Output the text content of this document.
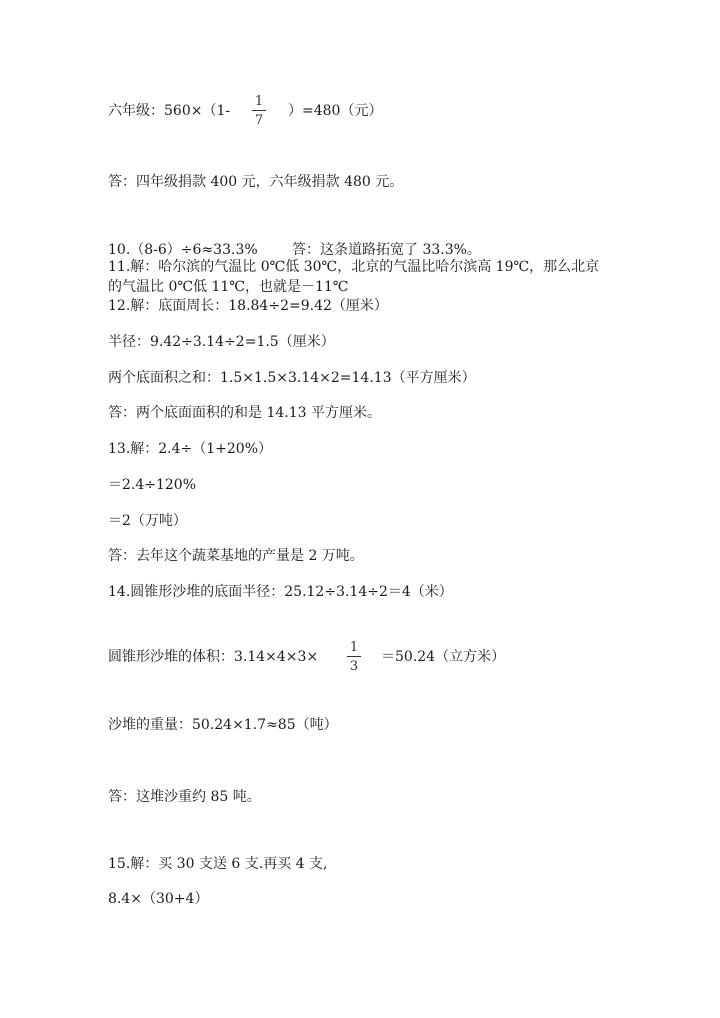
六年级：560×（1-
1
7
）=480（元）
答：四年级捐款 400 元，六年级捐款 480 元。
10.（8-6）÷6≈33.3% 答：这条道路拓宽了 33.3%。
11.解：哈尔滨的气温比 0℃低 30℃，北京的气温比哈尔滨高 19℃，那么北京
的气温比 0℃低 11℃，也就是－11℃
12.解：底面周长：18.84÷2=9.42（厘米）
半径：9.42÷3.14÷2=1.5（厘米）
两个底面积之和：1.5×1.5×3.14×2=14.13（平方厘米）
答：两个底面面积的和是 14.13 平方厘米。
13.解：2.4÷（1+20%）
＝2.4÷120%
＝2（万吨）
答：去年这个蔬菜基地的产量是 2 万吨。
14.圆锥形沙堆的底面半径：25.12÷3.14÷2＝4（米）
圆锥形沙堆的体积：3.14×4×3×
1
3
＝50.24（立方米）
沙堆的重量：50.24×1.7≈85（吨）
答：这堆沙重约 85 吨。
15.解：买 30 支送 6 支.再买 4 支,
8.4×（30+4）
